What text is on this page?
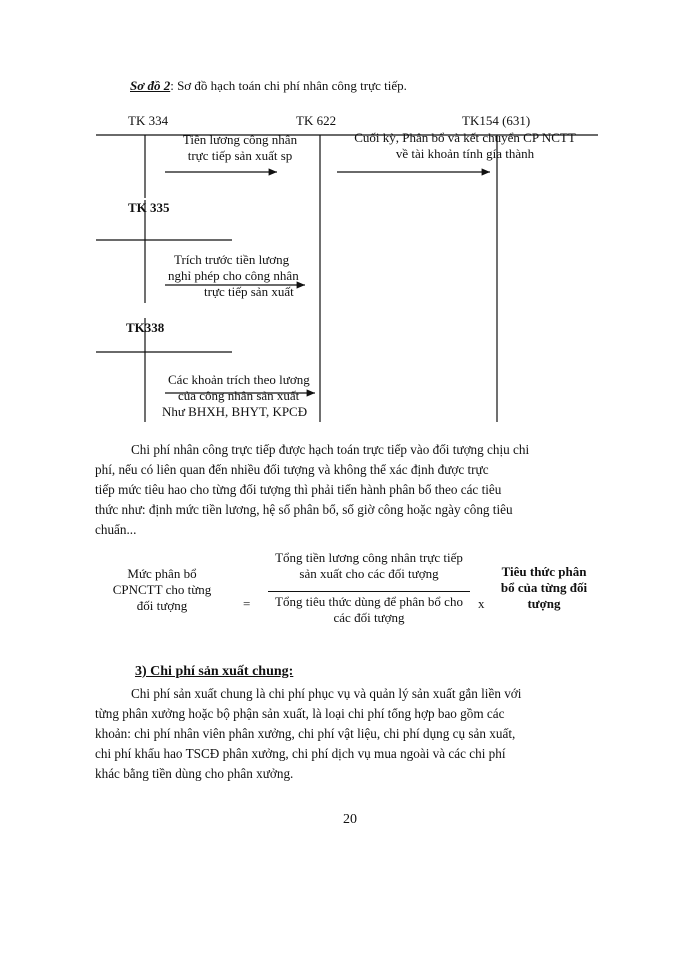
Sơ đồ 2: Sơ đồ hạch toán chi phí nhân công trực tiếp.
TK 334	TK 622	TK154 (631)
TK 335
TK338
Tiền lương công nhân
trực tiếp sản xuất sp
Cuối kỳ, Phân bổ và kết chuyển CP NCTT
về tài khoản tính gía thành
Trích trước tiền lương
nghỉ phép cho công nhân
trực tiếp sản xuất
Các khoản trích theo lương
của công nhân sản xuất
Như BHXH, BHYT, KPCĐ

Chi phí nhân công trực tiếp được hạch toán trực tiếp vào đối tượng chịu chi

phí, nếu có liên quan đến nhiều đối tượng và không thể xác định được trực

tiếp mức tiêu hao cho từng đối tượng thì phải tiến hành phân bổ theo các tiêu

thức như: định mức tiền lương, hệ số phân bổ, số giờ công hoặc ngày công tiêu

chuẩn...

Mức phân bổ
CPNCTT cho từng
đối tượng	=
Tổng tiền lương công nhân trực tiếp
sản xuất cho các đối tượng
Tổng tiêu thức dùng để phân bổ cho
các đối tượng
x
Tiêu thức phân
bổ của từng đối
tượng
3) Chi phí sản xuất chung:

Chi phí sản xuất chung là chi phí phục vụ và quản lý sản xuất gắn liền với

từng phân xưởng hoặc bộ phận sản xuất, là loại chi phí tổng hợp bao gồm các

khoản: chi phí nhân viên phân xưởng, chi phí vật liệu, chi phí dụng cụ sản xuất,

chi phí khấu hao TSCĐ phân xưởng, chi phí dịch vụ mua ngoài và các chi phí

khác bằng tiền dùng cho phân xưởng.

20
